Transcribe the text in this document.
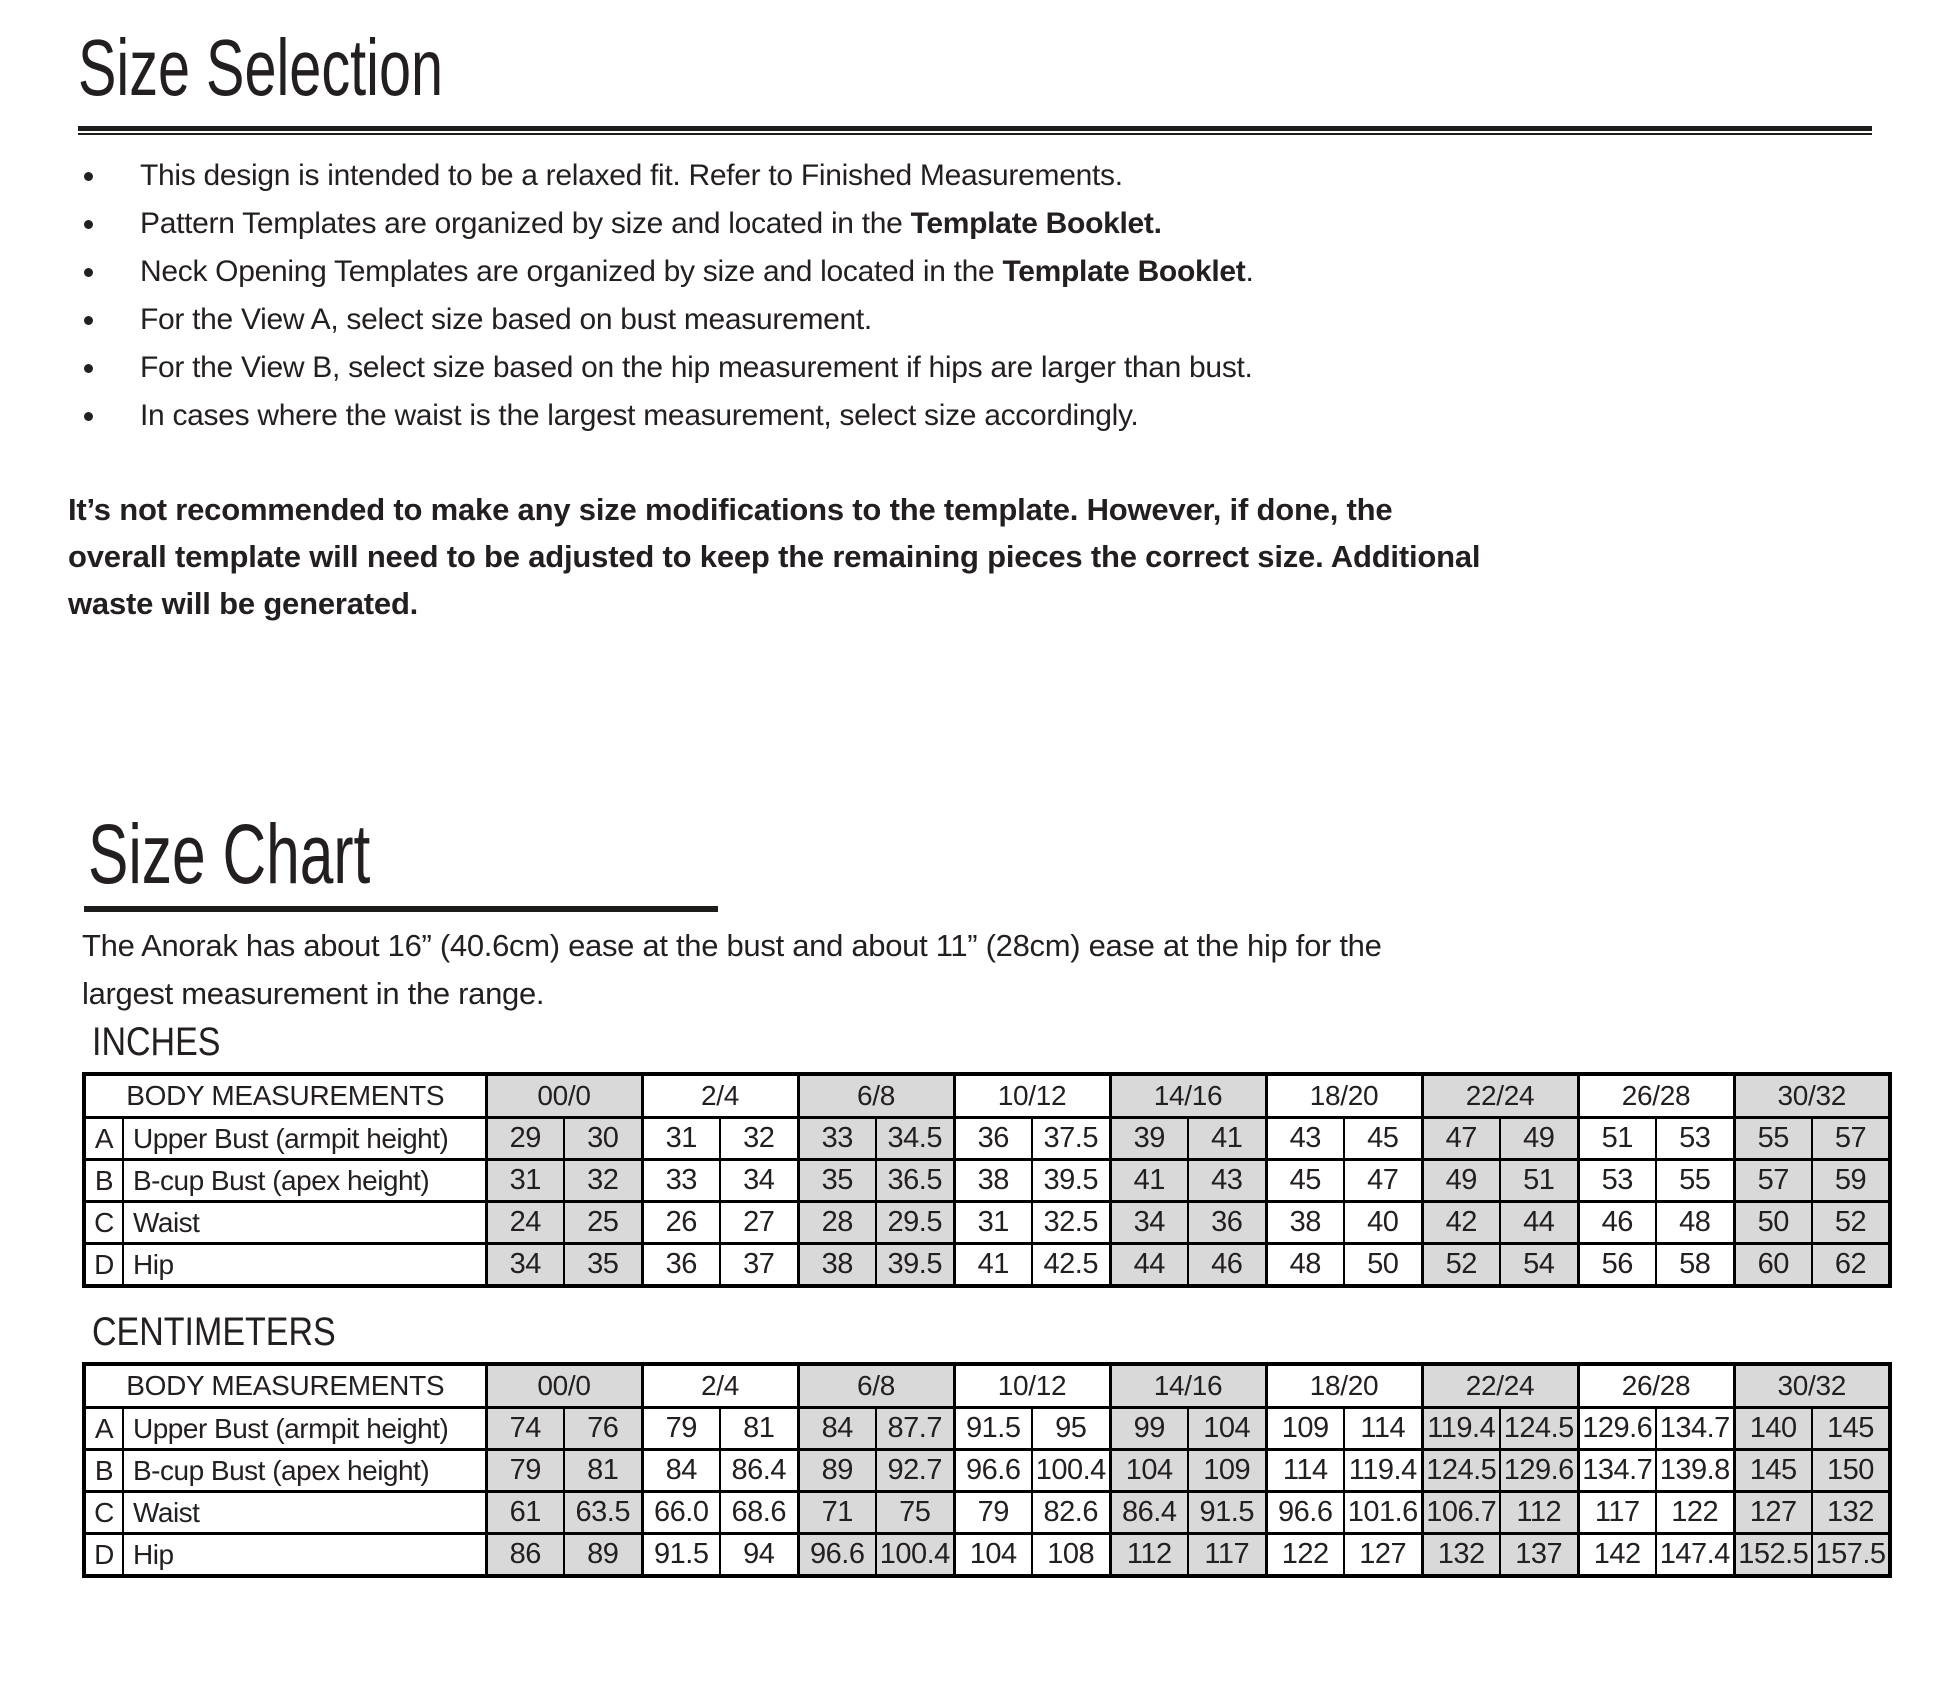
Size Selection
This design is intended to be a relaxed fit. Refer to Finished Measurements.
Pattern Templates are organized by size and located in the Template Booklet.
Neck Opening Templates are organized by size and located in the Template Booklet.
For the View A, select size based on bust measurement.
For the View B, select size based on the hip measurement if hips are larger than bust.
In cases where the waist is the largest measurement, select size accordingly.
It’s not recommended to make any size modifications to the template. However, if done, the
overall template will need to be adjusted to keep the remaining pieces the correct size. Additional
waste will be generated.
Size Chart
The Anorak has about 16” (40.6cm) ease at the bust and about 11” (28cm) ease at the hip for the
largest measurement in the range.
INCHES
BODY MEASUREMENTS		00/0		2/4		6/8		10/12		14/16		18/20		22/24		26/28		30/32	
A	Upper Bust (armpit height)	29	30	31	32	33	34.5	36	37.5	39	41	43	45	47	49	51	53	55	57
B	B-cup Bust (apex height)	31	32	33	34	35	36.5	38	39.5	41	43	45	47	49	51	53	55	57	59
C	Waist	24	25	26	27	28	29.5	31	32.5	34	36	38	40	42	44	46	48	50	52
D	Hip	34	35	36	37	38	39.5	41	42.5	44	46	48	50	52	54	56	58	60	62
CENTIMETERS
BODY MEASUREMENTS		00/0		2/4		6/8		10/12		14/16		18/20		22/24		26/28		30/32	
A	Upper Bust (armpit height)	74	76	79	81	84	87.7	91.5	95	99	104	109	114	119.4	124.5	129.6	134.7	140	145
B	B-cup Bust (apex height)	79	81	84	86.4	89	92.7	96.6	100.4	104	109	114	119.4	124.5	129.6	134.7	139.8	145	150
C	Waist	61	63.5	66.0	68.6	71	75	79	82.6	86.4	91.5	96.6	101.6	106.7	112	117	122	127	132
D	Hip	86	89	91.5	94	96.6	100.4	104	108	112	117	122	127	132	137	142	147.4	152.5	157.5
